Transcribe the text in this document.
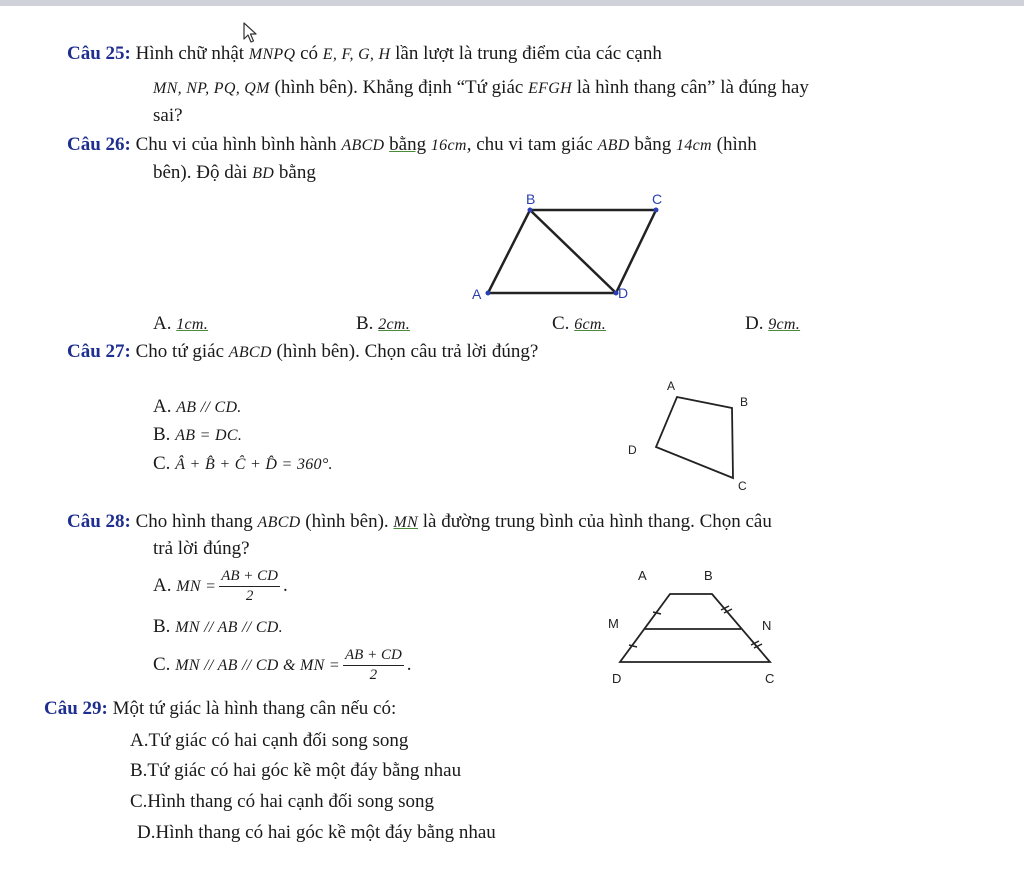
Câu 25: Hình chữ nhật MNPQ có E, F, G, H lần lượt là trung điểm của các cạnh
MN, NP, PQ, QM (hình bên). Khẳng định “Tứ giác EFGH là hình thang cân” là đúng hay
sai?
Câu 26: Chu vi của hình bình hành ABCD bằng 16cm, chu vi tam giác ABD bằng 14cm (hình
bên). Độ dài BD bằng
B	C
D
A
A. 1cm.	B. 2cm.	C. 6cm.	D. 9cm.
Câu 27: Cho tứ giác ABCD (hình bên). Chọn câu trả lời đúng?
A. AB // CD.
B. AB = DC.
C. Â + B̂ + Ĉ + D̂ = 360°.
A
B
C
D
Câu 28: Cho hình thang ABCD (hình bên). MN là đường trung bình của hình thang. Chọn câu
trả lời đúng?
A. MN = $\frac{AB + CD}{2}$ .
B. MN // AB // CD.
C. MN // AB // CD & MN = $\frac{AB + CD}{2}$ .
A	B
M	N
D	C
Câu 29: Một tứ giác là hình thang cân nếu có:
A.Tứ giác có hai cạnh đối song song
B.Tứ giác có hai góc kề một đáy bằng nhau
C.Hình thang có hai cạnh đối song song
D.Hình thang có hai góc kề một đáy bằng nhau
